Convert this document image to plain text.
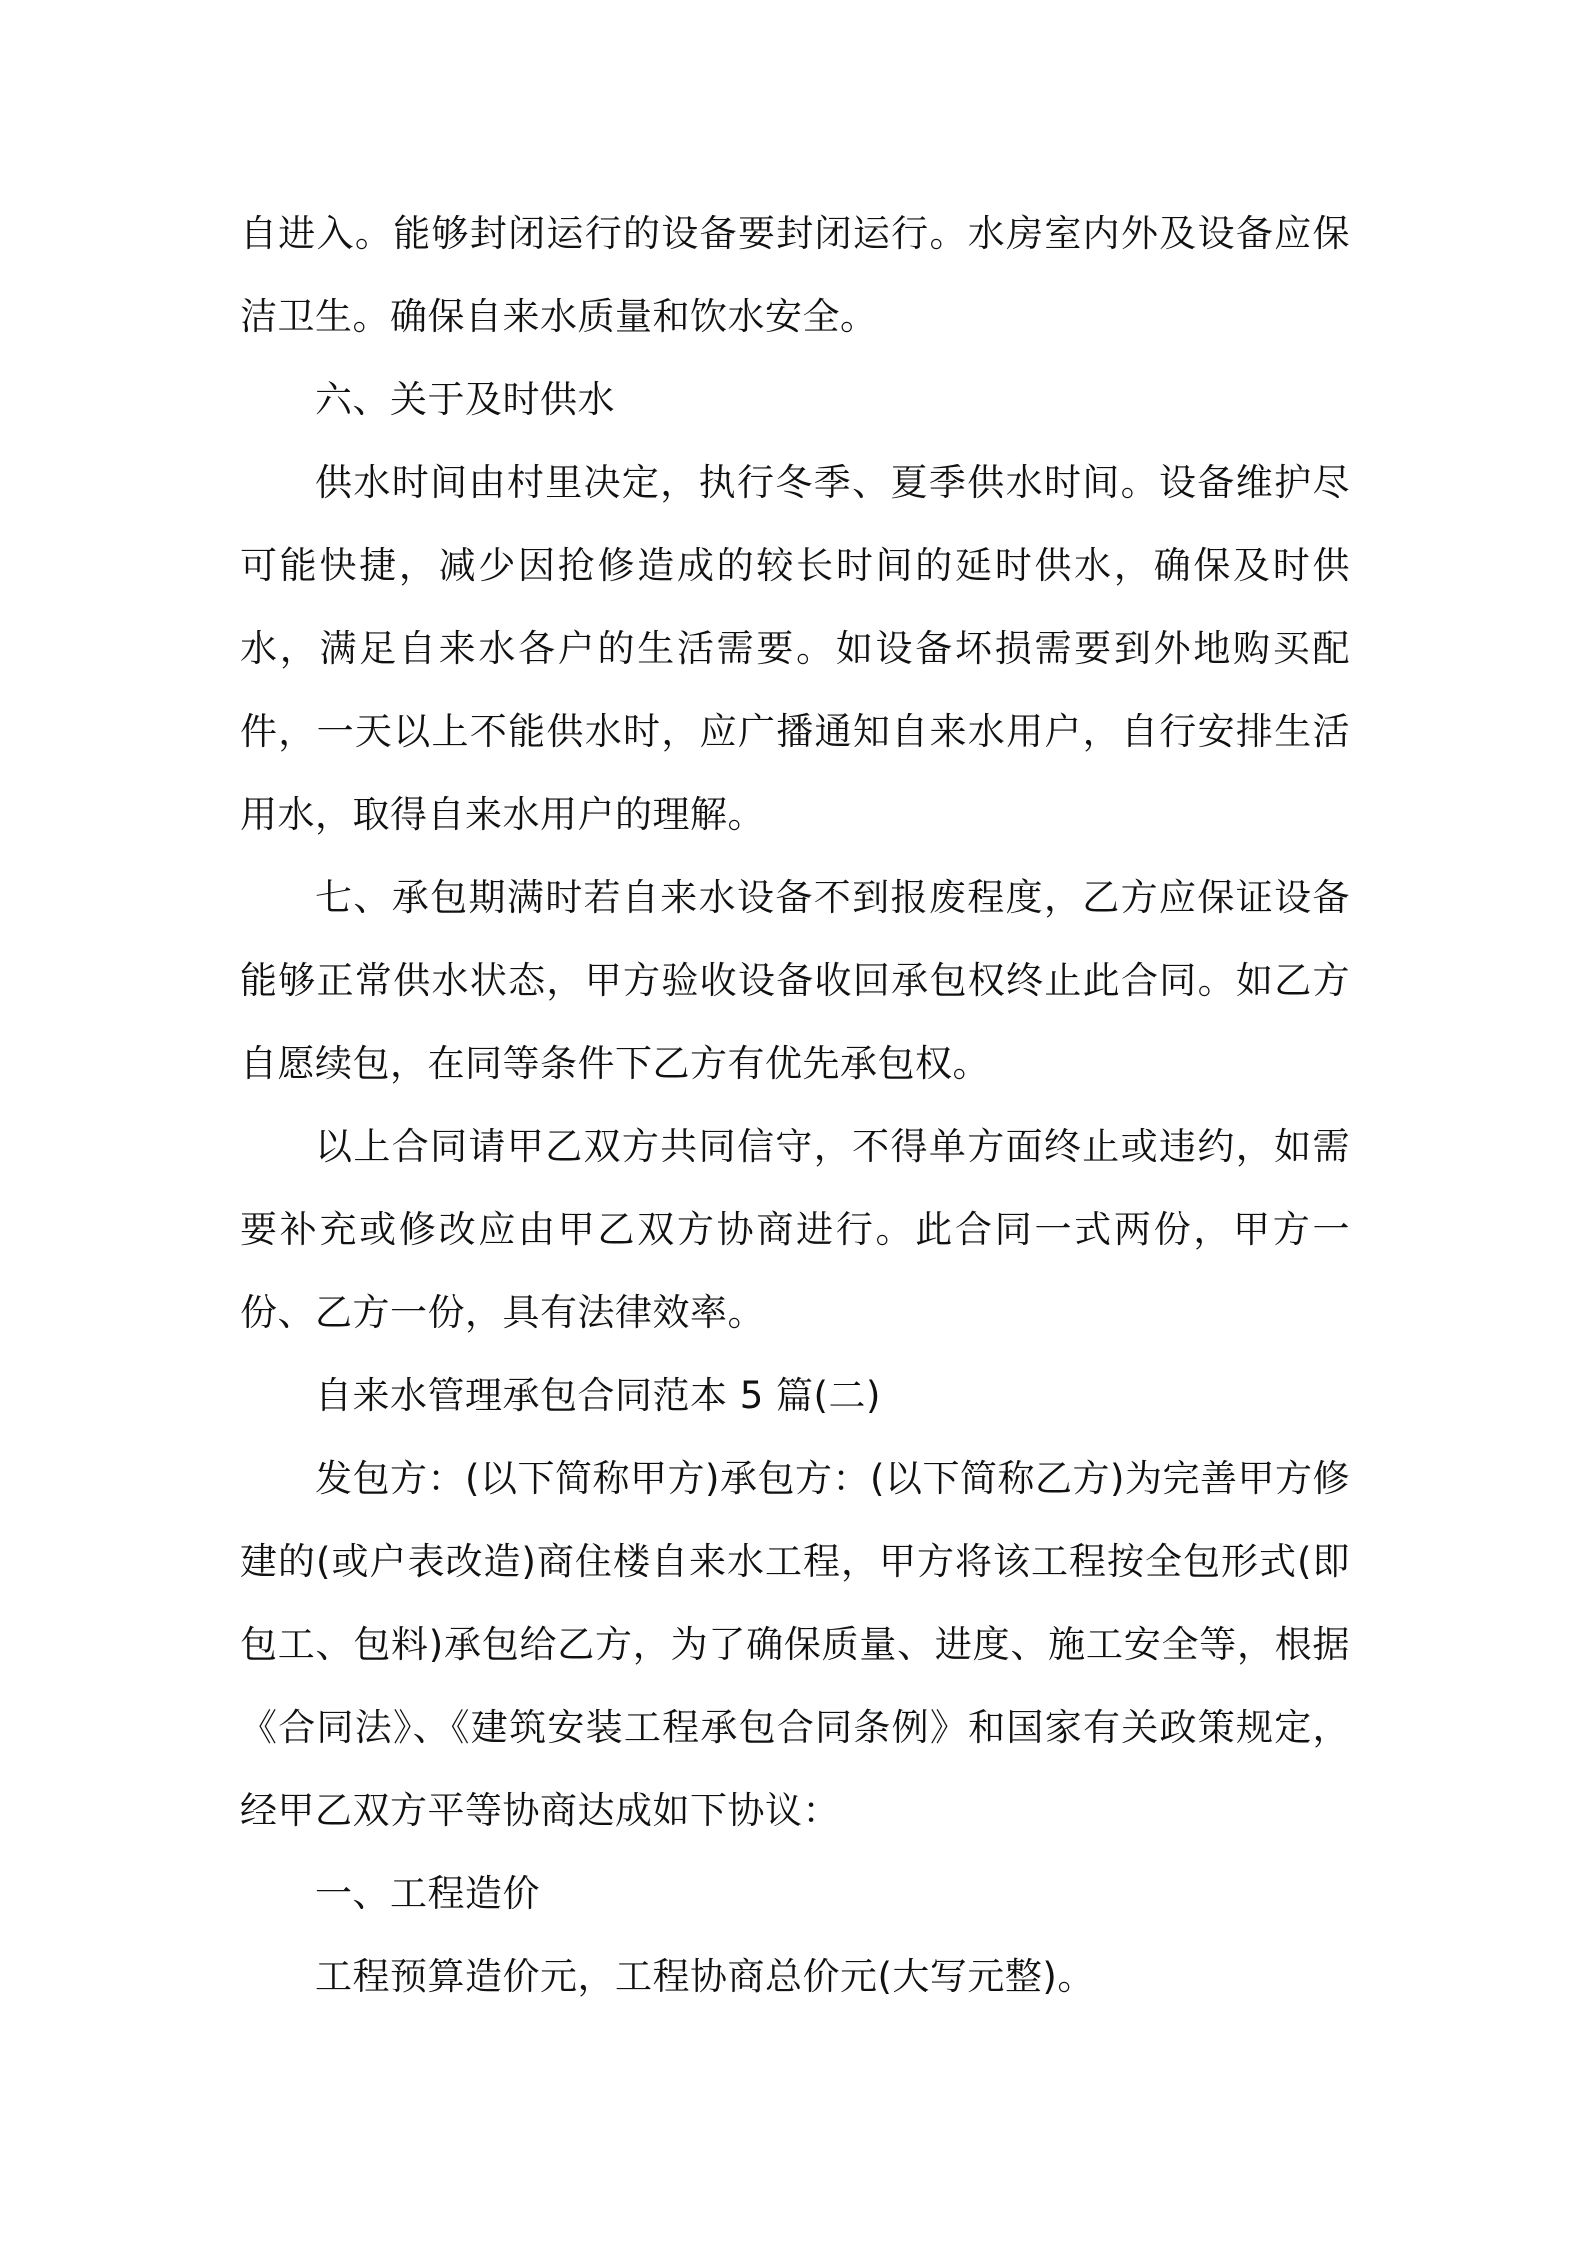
自进入。能够封闭运行的设备要封闭运行。水房室内外及设备应保洁卫生。确保自来水质量和饮水安全。

六、关于及时供水

供水时间由村里决定，执行冬季、夏季供水时间。设备维护尽可能快捷，减少因抢修造成的较长时间的延时供水，确保及时供水，满足自来水各户的生活需要。如设备坏损需要到外地购买配件，一天以上不能供水时，应广播通知自来水用户，自行安排生活用水，取得自来水用户的理解。

七、承包期满时若自来水设备不到报废程度，乙方应保证设备能够正常供水状态，甲方验收设备收回承包权终止此合同。如乙方自愿续包，在同等条件下乙方有优先承包权。

以上合同请甲乙双方共同信守，不得单方面终止或违约，如需要补充或修改应由甲乙双方协商进行。此合同一式两份，甲方一份、乙方一份，具有法律效率。

自来水管理承包合同范本 5 篇(二)

发包方：(以下简称甲方)承包方：(以下简称乙方)为完善甲方修建的(或户表改造)商住楼自来水工程，甲方将该工程按全包形式(即包工、包料)承包给乙方，为了确保质量、进度、施工安全等，根据《合同法》、《建筑安装工程承包合同条例》和国家有关政策规定，经甲乙双方平等协商达成如下协议：

一、工程造价

工程预算造价元，工程协商总价元(大写元整)。
